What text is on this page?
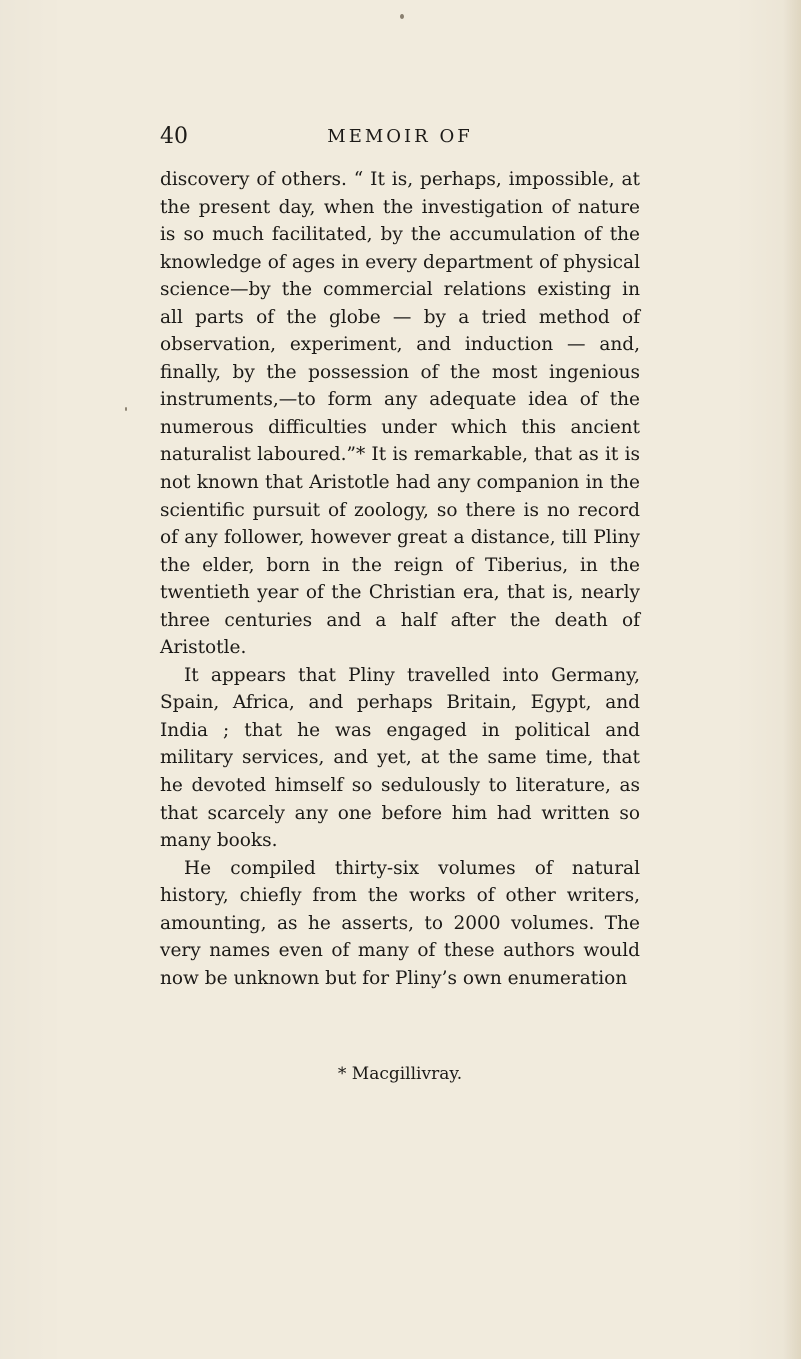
40	MEMOIR OF

discovery of others. “ It is, perhaps, impossible, at the present day, when the investigation of nature is so much facilitated, by the accumulation of the knowledge of ages in every department of physical science—by the commercial relations existing in all parts of the globe — by a tried method of observation, experiment, and induction — and, finally, by the possession of the most ingenious instruments,—to form any adequate idea of the numerous difficulties under which this ancient naturalist laboured.”* It is remarkable, that as it is not known that Aristotle had any companion in the scientific pursuit of zoology, so there is no record of any follower, however great a distance, till Pliny the elder, born in the reign of Tiberius, in the twentieth year of the Christian era, that is, nearly three centuries and a half after the death of Aristotle.

It appears that Pliny travelled into Germany, Spain, Africa, and perhaps Britain, Egypt, and India ; that he was engaged in political and military services, and yet, at the same time, that he devoted himself so sedulously to literature, as that scarcely any one before him had written so many books.

He compiled thirty-six volumes of natural history, chiefly from the works of other writers, amounting, as he asserts, to 2000 volumes. The very names even of many of these authors would now be unknown but for Pliny’s own enumeration

* Macgillivray.
